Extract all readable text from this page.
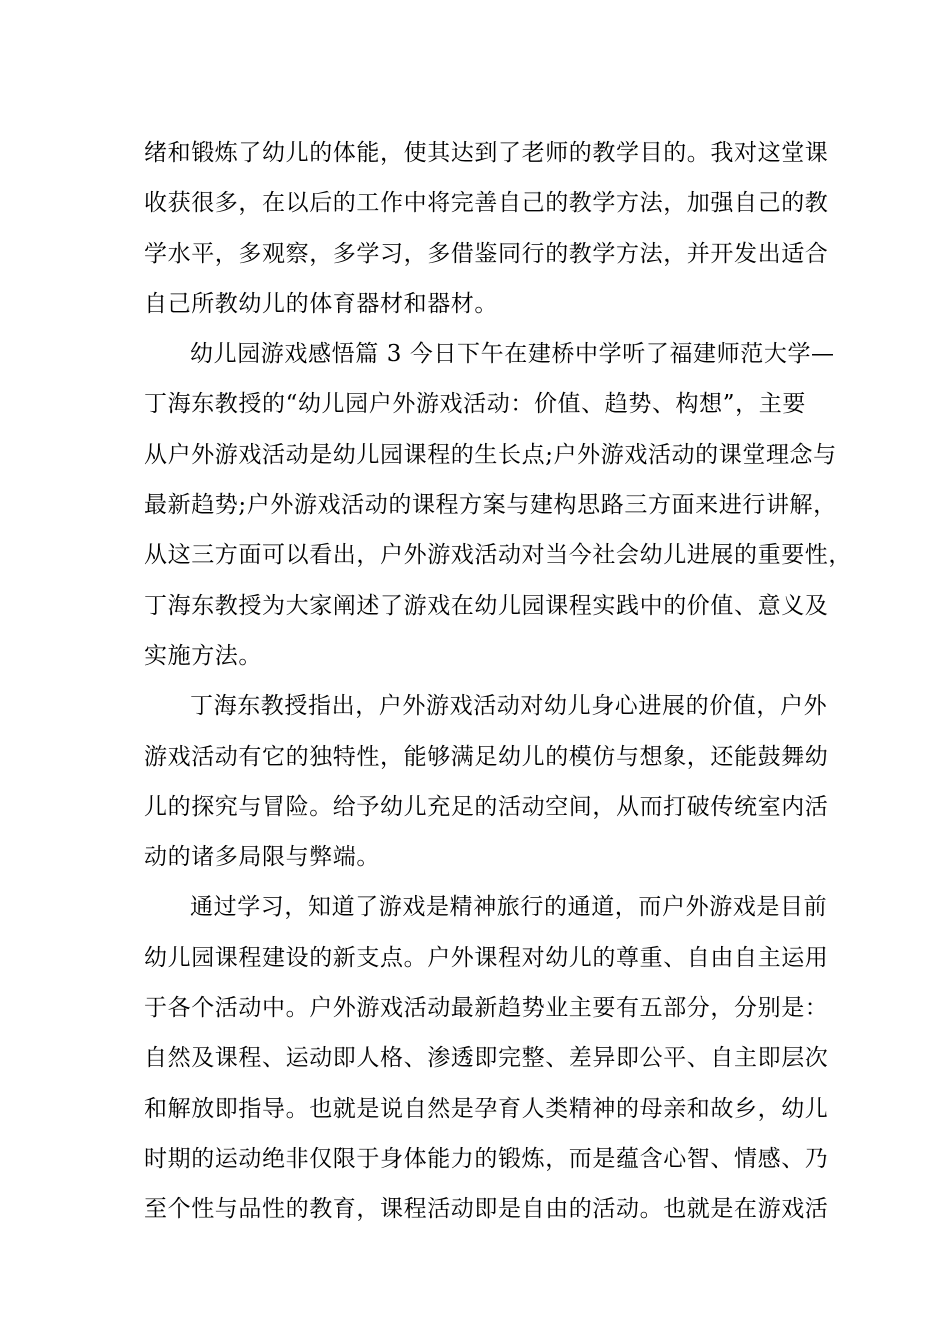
绪和锻炼了幼儿的体能，使其达到了老师的教学目的。我对这堂课
收获很多，在以后的工作中将完善自己的教学方法，加强自己的教
学水平，多观察，多学习，多借鉴同行的教学方法，并开发出适合
自己所教幼儿的体育器材和器材。
幼儿园游戏感悟篇 3 今日下午在建桥中学听了福建师范大学—
丁海东教授的“幼儿园户外游戏活动：价值、趋势、构想”，主要
从户外游戏活动是幼儿园课程的生长点;户外游戏活动的课堂理念与
最新趋势;户外游戏活动的课程方案与建构思路三方面来进行讲解，
从这三方面可以看出，户外游戏活动对当今社会幼儿进展的重要性，
丁海东教授为大家阐述了游戏在幼儿园课程实践中的价值、意义及
实施方法。
丁海东教授指出，户外游戏活动对幼儿身心进展的价值，户外
游戏活动有它的独特性，能够满足幼儿的模仿与想象，还能鼓舞幼
儿的探究与冒险。给予幼儿充足的活动空间，从而打破传统室内活
动的诸多局限与弊端。
通过学习，知道了游戏是精神旅行的通道，而户外游戏是目前
幼儿园课程建设的新支点。户外课程对幼儿的尊重、自由自主运用
于各个活动中。户外游戏活动最新趋势业主要有五部分，分别是：
自然及课程、运动即人格、渗透即完整、差异即公平、自主即层次
和解放即指导。也就是说自然是孕育人类精神的母亲和故乡，幼儿
时期的运动绝非仅限于身体能力的锻炼，而是蕴含心智、情感、乃
至个性与品性的教育，课程活动即是自由的活动。也就是在游戏活
